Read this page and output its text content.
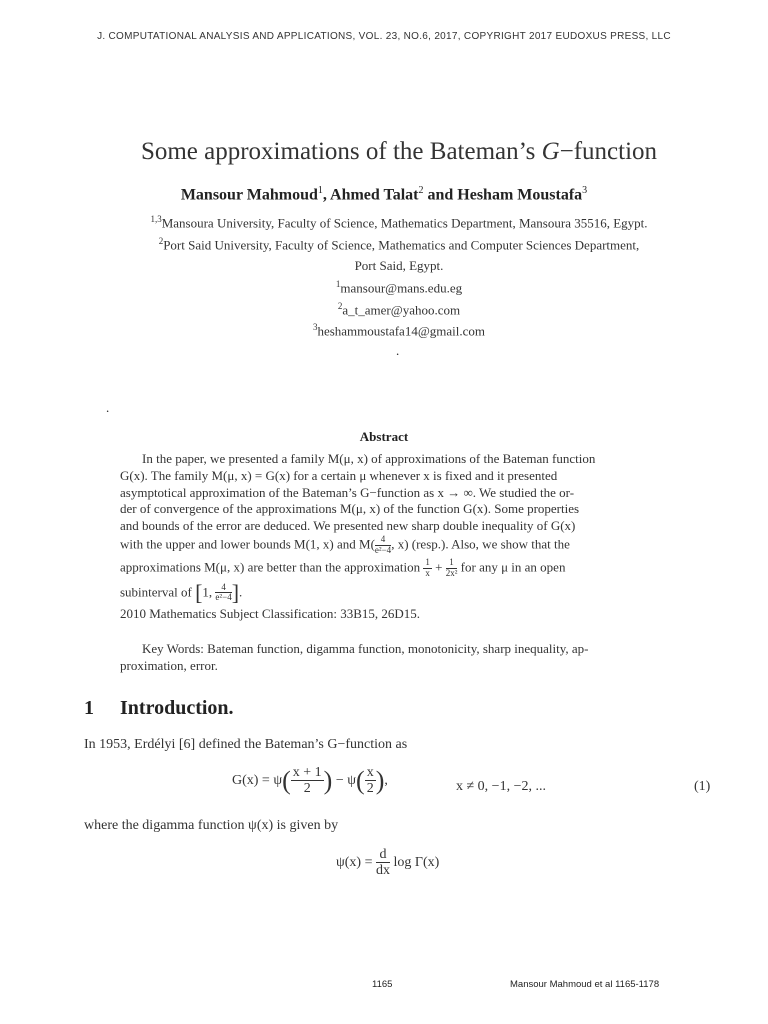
J. COMPUTATIONAL ANALYSIS AND APPLICATIONS, VOL. 23, NO.6, 2017, COPYRIGHT 2017 EUDOXUS PRESS, LLC
Some approximations of the Bateman’s G−function
Mansour Mahmoud$^1$, Ahmed Talat$^2$ and Hesham Moustafa$^3$
$^{1,3}$Mansoura University, Faculty of Science, Mathematics Department, Mansoura 35516, Egypt.
$^2$Port Said University, Faculty of Science, Mathematics and Computer Sciences Department,
Port Said, Egypt.
$^1$mansour@mans.edu.eg
$^2$a_t_amer@yahoo.com
$^3$heshammoustafa14@gmail.com
.
.
Abstract

In the paper, we presented a family M(μ, x) of approximations of the Bateman function

G(x). The family M(μ, x) = G(x) for a certain μ whenever x is fixed and it presented
asymptotical approximation of the Bateman’s G−function as x → ∞. We studied the or-
der of convergence of the approximations M(μ, x) of the function G(x). Some properties
and bounds of the error are deduced. We presented new sharp double inequality of G(x)
with the upper and lower bounds M(1, x) and $M( \frac{4}{\text{e²−4}}$ , x) (resp.). Also, we show that the
approximations M(μ, x) are better than the approximation $\frac{1}{x} + \frac{1}{\text{2x²}}$ for any μ in an open
subinterval of [1, $\frac{4}{\text{e²−4}}$ ].
2010 Mathematics Subject Classification: 33B15, 26D15.
Key Words: Bateman function, digamma function, monotonicity, sharp inequality, ap-
proximation, error.
1 Introduction.
In 1953, Erdélyi [6] defined the Bateman’s G−function as
$G(x) = \psi( \frac{x + 1}{2}$ ) − $\psi( \frac{x}{2}$ ),	x ≠ 0, −1, −2, ...	(1)
where the digamma function ψ(x) is given by
$\psi(x) = \frac{d}{dx}$ log Γ(x)
1165	Mansour Mahmoud et al 1165-1178
